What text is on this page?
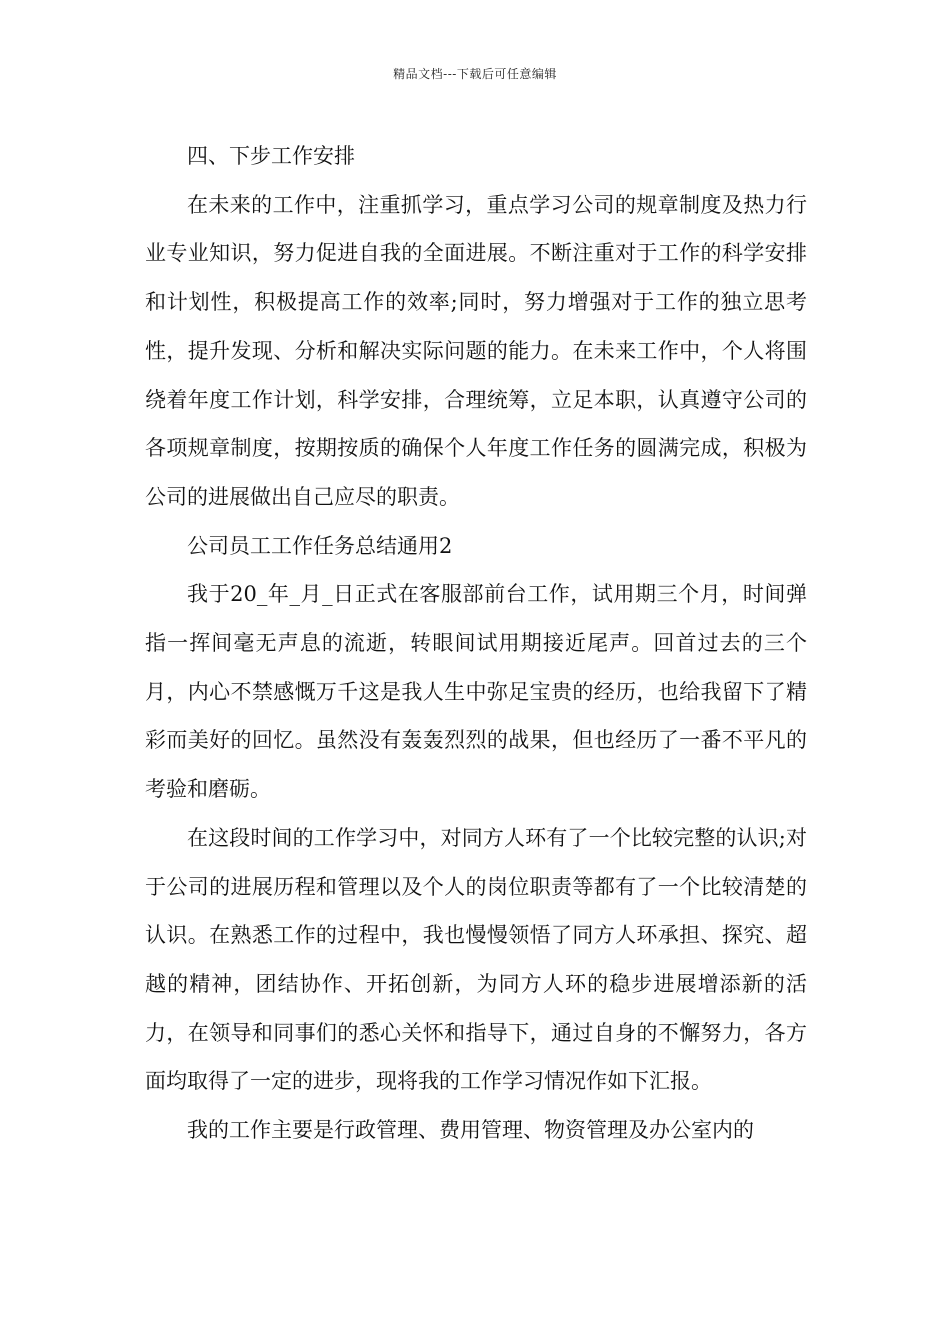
精品文档---下载后可任意编辑

四、下步工作安排

在未来的工作中，注重抓学习，重点学习公司的规章制度及热力行业专业知识，努力促进自我的全面进展。不断注重对于工作的科学安排和计划性，积极提高工作的效率;同时，努力增强对于工作的独立思考性，提升发现、分析和解决实际问题的能力。在未来工作中，个人将围绕着年度工作计划，科学安排，合理统筹，立足本职，认真遵守公司的各项规章制度，按期按质的确保个人年度工作任务的圆满完成，积极为公司的进展做出自己应尽的职责。

公司员工工作任务总结通用2

我于20_年_月_日正式在客服部前台工作，试用期三个月，时间弹指一挥间毫无声息的流逝，转眼间试用期接近尾声。回首过去的三个月，内心不禁感慨万千这是我人生中弥足宝贵的经历，也给我留下了精彩而美好的回忆。虽然没有轰轰烈烈的战果，但也经历了一番不平凡的考验和磨砺。

在这段时间的工作学习中，对同方人环有了一个比较完整的认识;对于公司的进展历程和管理以及个人的岗位职责等都有了一个比较清楚的认识。在熟悉工作的过程中，我也慢慢领悟了同方人环承担、探究、超越的精神，团结协作、开拓创新，为同方人环的稳步进展增添新的活力，在领导和同事们的悉心关怀和指导下，通过自身的不懈努力，各方面均取得了一定的进步，现将我的工作学习情况作如下汇报。

我的工作主要是行政管理、费用管理、物资管理及办公室内的
